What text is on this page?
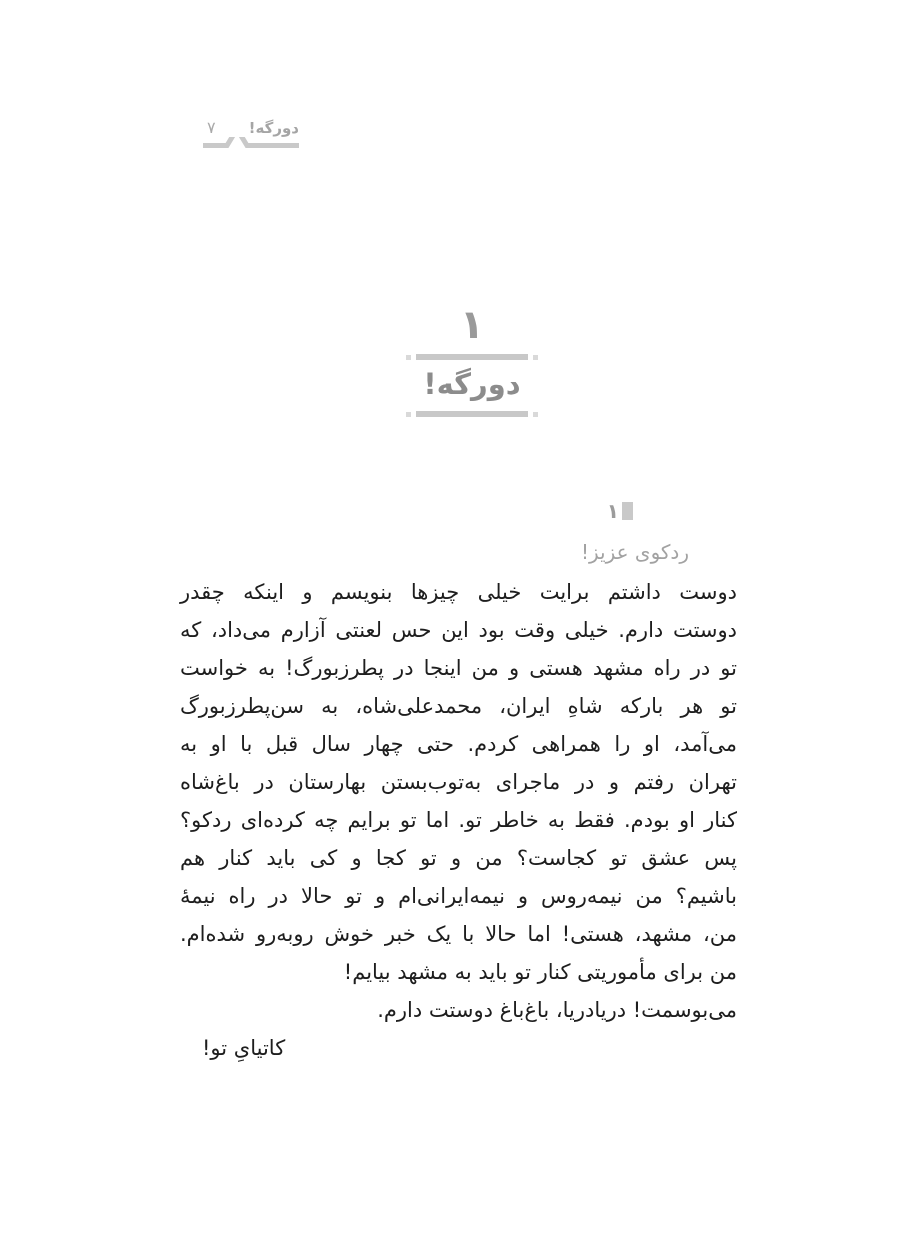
۷ دورگه!
۱
دورگه!
۱
ردکوی عزیز!
دوست داشتم برایت خیلی چیزها بنویسم و اینکه چقدر
دوستت دارم. خیلی وقت بود این حس لعنتی آزارم می‌داد، که
تو در راه مشهد هستی و من اینجا در پطرزبورگ! به خواست
تو هر بارکه شاهِ ایران، محمدعلی‌شاه، به سن‌پطرزبورگ
می‌آمد، او را همراهی کردم. حتی چهار سال قبل با او به
تهران رفتم و در ماجرای به‌توب‌بستن بهارستان در باغ‌شاه
کنار او بودم. فقط به خاطر تو. اما تو برایم چه کرده‌ای ردکو؟
پس عشق تو کجاست؟ من و تو کجا و کی باید کنار هم
باشیم؟ من نیمه‌روس و نیمه‌ایرانی‌ام و تو حالا در راه نیمهٔ
من، مشهد، هستی! اما حالا با یک خبر خوش روبه‌رو شده‌ام.
من برای مأموریتی کنار تو باید به مشهد بیایم!
می‌بوسمت! دریادریا، باغ‌باغ دوستت دارم.
کاتیایِ تو!
